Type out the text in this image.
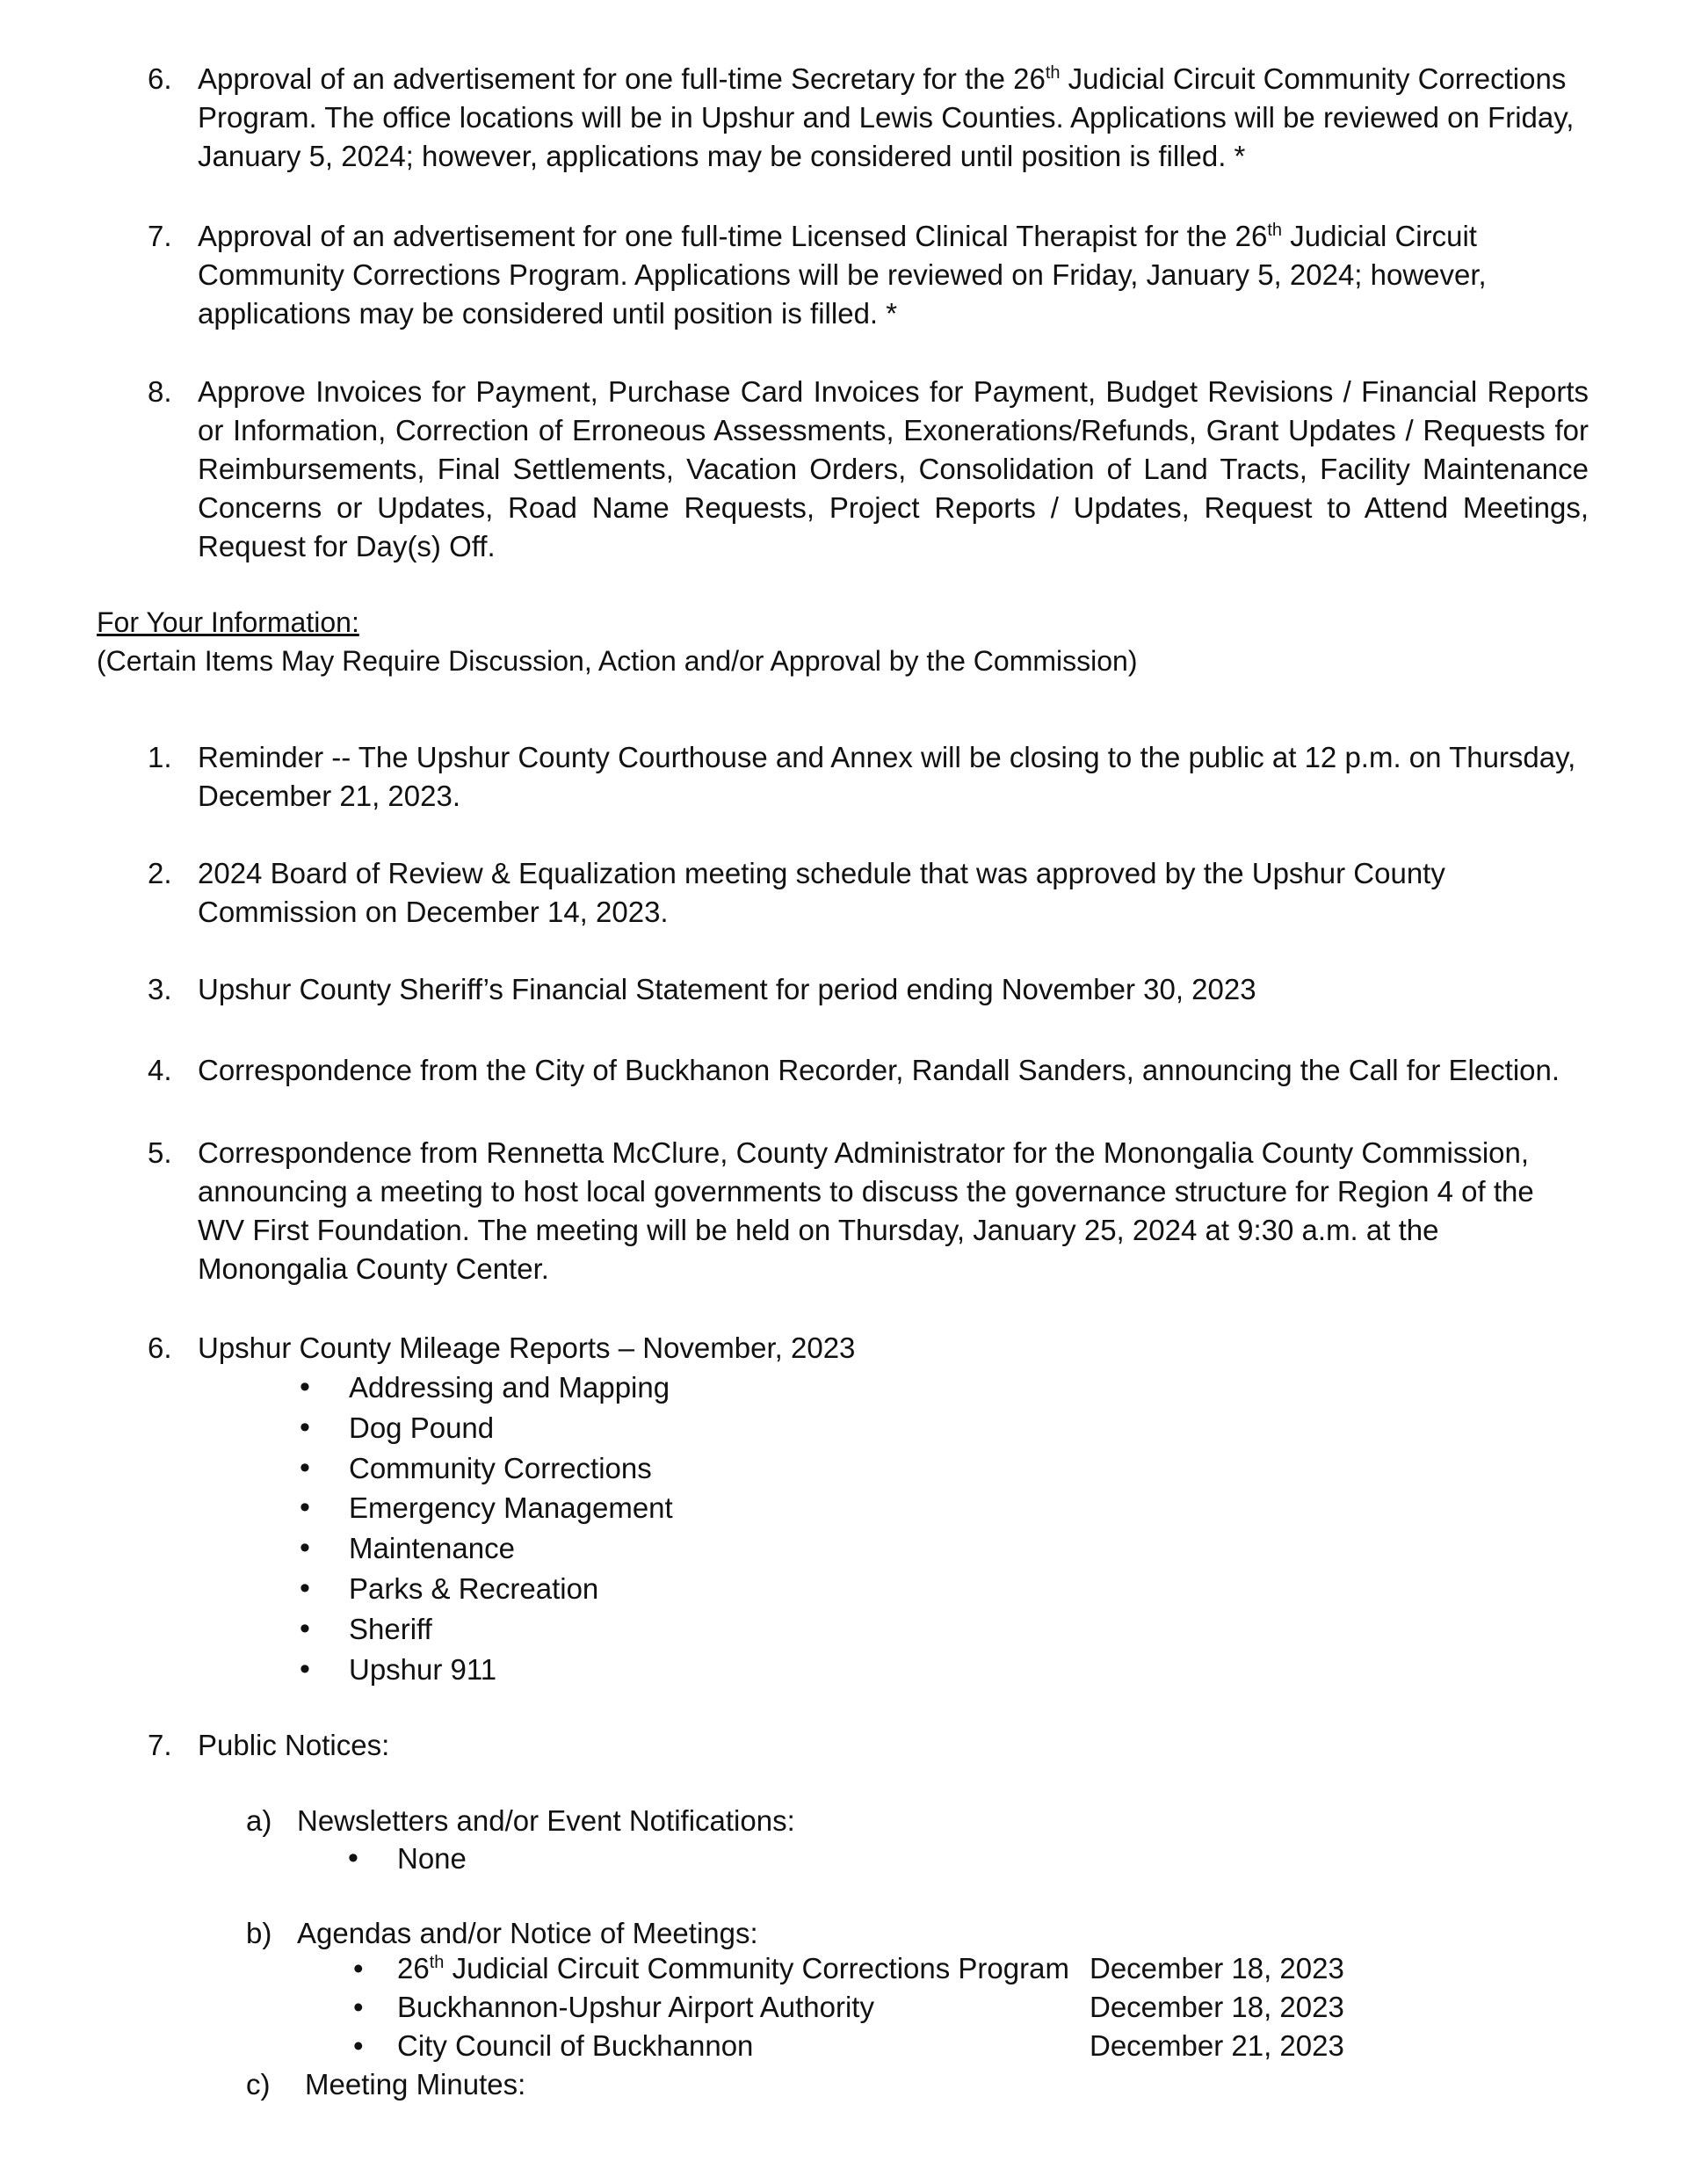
6. Approval of an advertisement for one full-time Secretary for the 26th Judicial Circuit Community Corrections Program. The office locations will be in Upshur and Lewis Counties. Applications will be reviewed on Friday, January 5, 2024; however, applications may be considered until position is filled. *
7. Approval of an advertisement for one full-time Licensed Clinical Therapist for the 26th Judicial Circuit Community Corrections Program. Applications will be reviewed on Friday, January 5, 2024; however, applications may be considered until position is filled. *
8. Approve Invoices for Payment, Purchase Card Invoices for Payment, Budget Revisions / Financial Reports or Information, Correction of Erroneous Assessments, Exonerations/Refunds, Grant Updates / Requests for Reimbursements, Final Settlements, Vacation Orders, Consolidation of Land Tracts, Facility Maintenance Concerns or Updates, Road Name Requests, Project Reports / Updates, Request to Attend Meetings, Request for Day(s) Off.
For Your Information:
(Certain Items May Require Discussion, Action and/or Approval by the Commission)
1. Reminder -- The Upshur County Courthouse and Annex will be closing to the public at 12 p.m. on Thursday, December 21, 2023.
2. 2024 Board of Review & Equalization meeting schedule that was approved by the Upshur County Commission on December 14, 2023.
3. Upshur County Sheriff’s Financial Statement for period ending November 30, 2023
4. Correspondence from the City of Buckhanon Recorder, Randall Sanders, announcing the Call for Election.
5. Correspondence from Rennetta McClure, County Administrator for the Monongalia County Commission, announcing a meeting to host local governments to discuss the governance structure for Region 4 of the WV First Foundation. The meeting will be held on Thursday, January 25, 2024 at 9:30 a.m. at the Monongalia County Center.
6. Upshur County Mileage Reports – November, 2023
• Addressing and Mapping
• Dog Pound
• Community Corrections
• Emergency Management
• Maintenance
• Parks & Recreation
• Sheriff
• Upshur 911
7. Public Notices:
a) Newsletters and/or Event Notifications:
• None
b) Agendas and/or Notice of Meetings:
• 26th Judicial Circuit Community Corrections Program December 18, 2023
• Buckhannon-Upshur Airport Authority	December 18, 2023
• City Council of Buckhannon	December 21, 2023
c) Meeting Minutes:
